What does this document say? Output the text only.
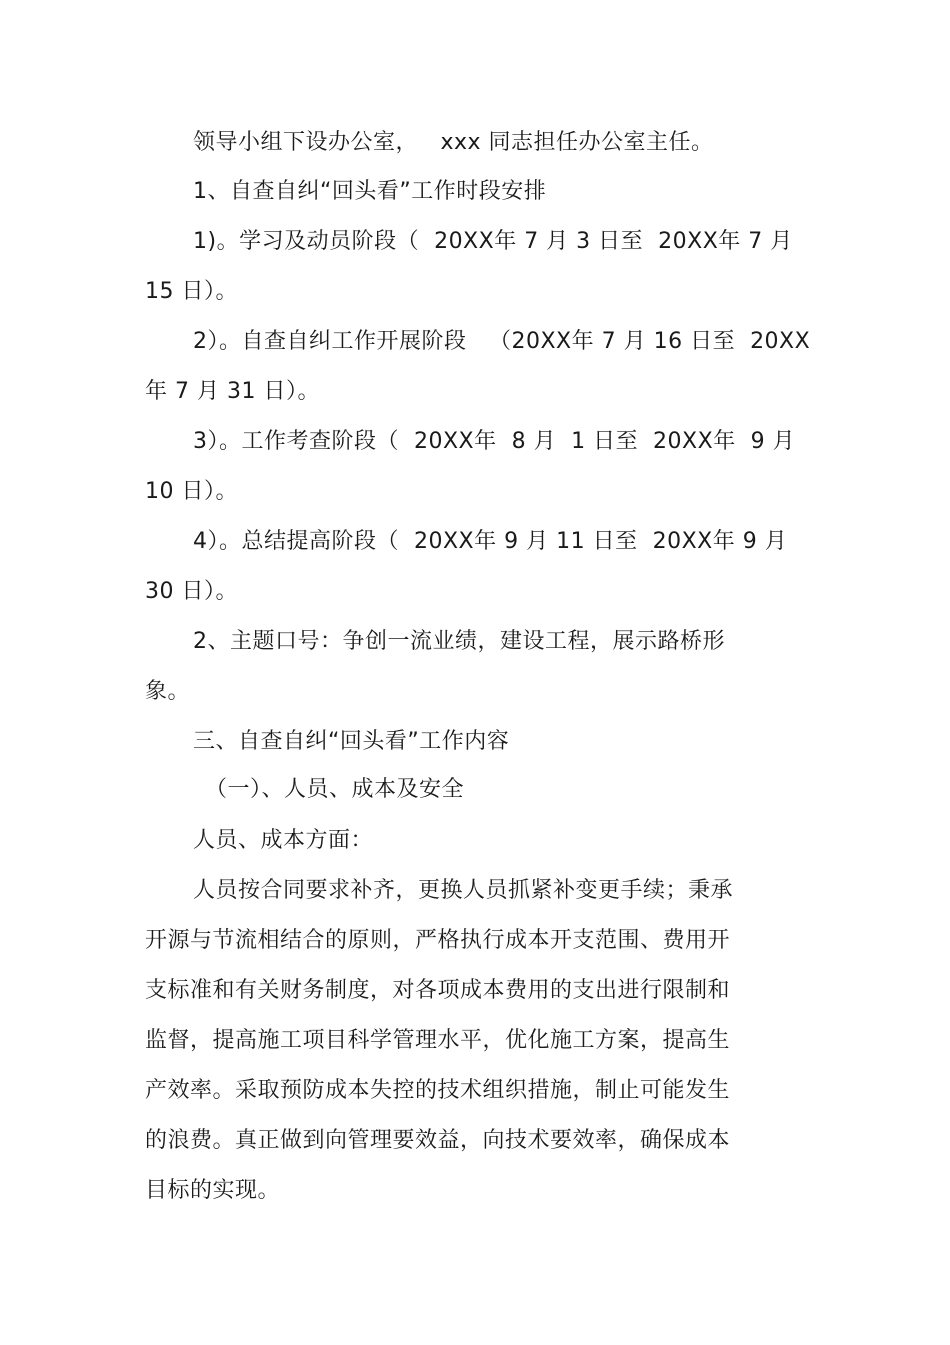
领导小组下设办公室，   xxx 同志担任办公室主任。
1、自查自纠“回头看”工作时段安排
1)。学习及动员阶段（  20XX年 7 月 3 日至  20XX年 7 月
15 日）。
2）。自查自纠工作开展阶段   （20XX年 7 月 16 日至  20XX
年 7 月 31 日）。
3）。工作考查阶段（  20XX年  8 月  1 日至  20XX年  9 月
10 日）。
4）。总结提高阶段（  20XX年 9 月 11 日至  20XX年 9 月
30 日）。
2、主题口号：争创一流业绩，建设工程，展示路桥形
象。
三、自查自纠“回头看”工作内容
（一）、人员、成本及安全
人员、成本方面：
人员按合同要求补齐，更换人员抓紧补变更手续；秉承
开源与节流相结合的原则，严格执行成本开支范围、费用开
支标准和有关财务制度，对各项成本费用的支出进行限制和
监督，提高施工项目科学管理水平，优化施工方案，提高生
产效率。采取预防成本失控的技术组织措施，制止可能发生
的浪费。真正做到向管理要效益，向技术要效率，确保成本
目标的实现。
